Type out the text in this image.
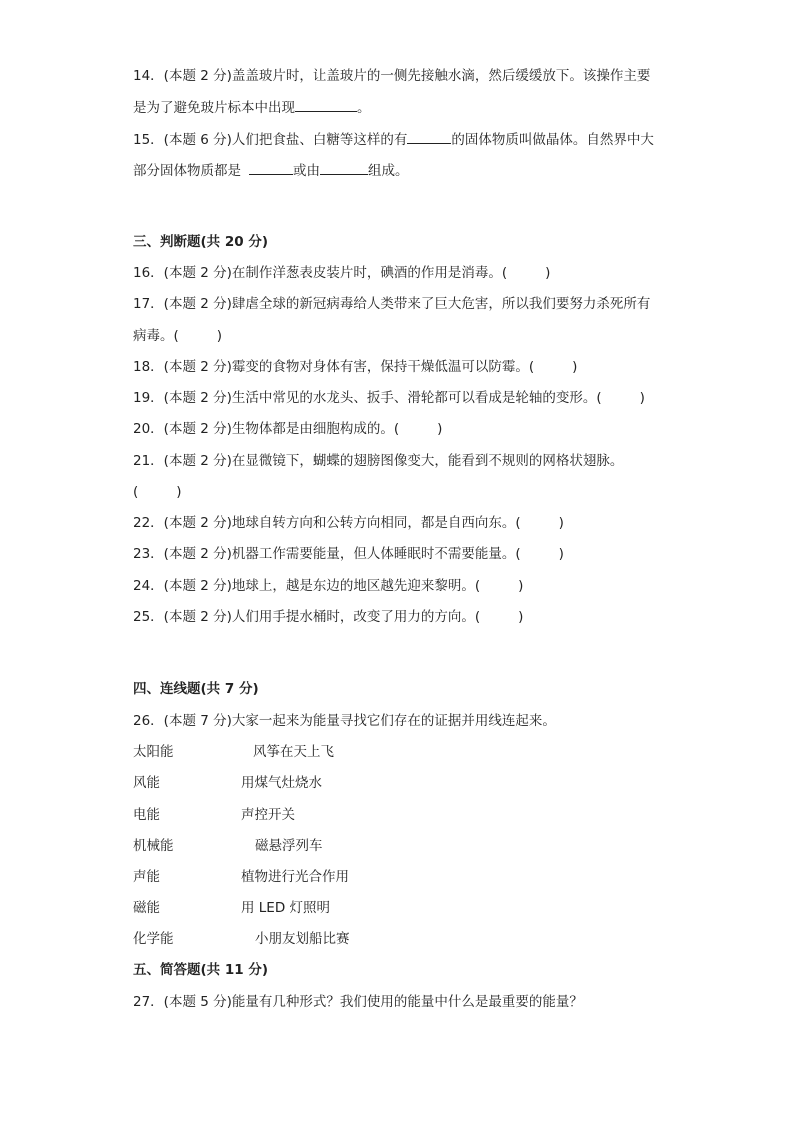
14．(本题 2 分)盖盖玻片时，让盖玻片的一侧先接触水滴，然后缓缓放下。该操作主要
是为了避免玻片标本中出现	。
15．(本题 6 分)人们把食盐、白糖等这样的有	的固体物质叫做晶体。自然界中大
部分固体物质都是	或由	组成。
三、判断题(共 20 分)
16．(本题 2 分)在制作洋葱表皮装片时，碘酒的作用是消毒。(	)
17．(本题 2 分)肆虐全球的新冠病毒给人类带来了巨大危害，所以我们要努力杀死所有
病毒。(	)
18．(本题 2 分)霉变的食物对身体有害，保持干燥低温可以防霉。(	)
19．(本题 2 分)生活中常见的水龙头、扳手、滑轮都可以看成是轮轴的变形。(	)
20．(本题 2 分)生物体都是由细胞构成的。(	)
21．(本题 2 分)在显微镜下，蝴蝶的翅膀图像变大，能看到不规则的网格状翅脉。
(	)
22．(本题 2 分)地球自转方向和公转方向相同，都是自西向东。(	)
23．(本题 2 分)机器工作需要能量，但人体睡眠时不需要能量。(	)
24．(本题 2 分)地球上，越是东边的地区越先迎来黎明。(	)
25．(本题 2 分)人们用手提水桶时，改变了用力的方向。(	)
四、连线题(共 7 分)
26．(本题 7 分)大家一起来为能量寻找它们存在的证据并用线连起来。
太阳能	风筝在天上飞
风能	用煤气灶烧水
电能	声控开关
机械能	磁悬浮列车
声能	植物进行光合作用
磁能	用 LED 灯照明
化学能	小朋友划船比赛
五、简答题(共 11 分)
27．(本题 5 分)能量有几种形式？我们使用的能量中什么是最重要的能量？
